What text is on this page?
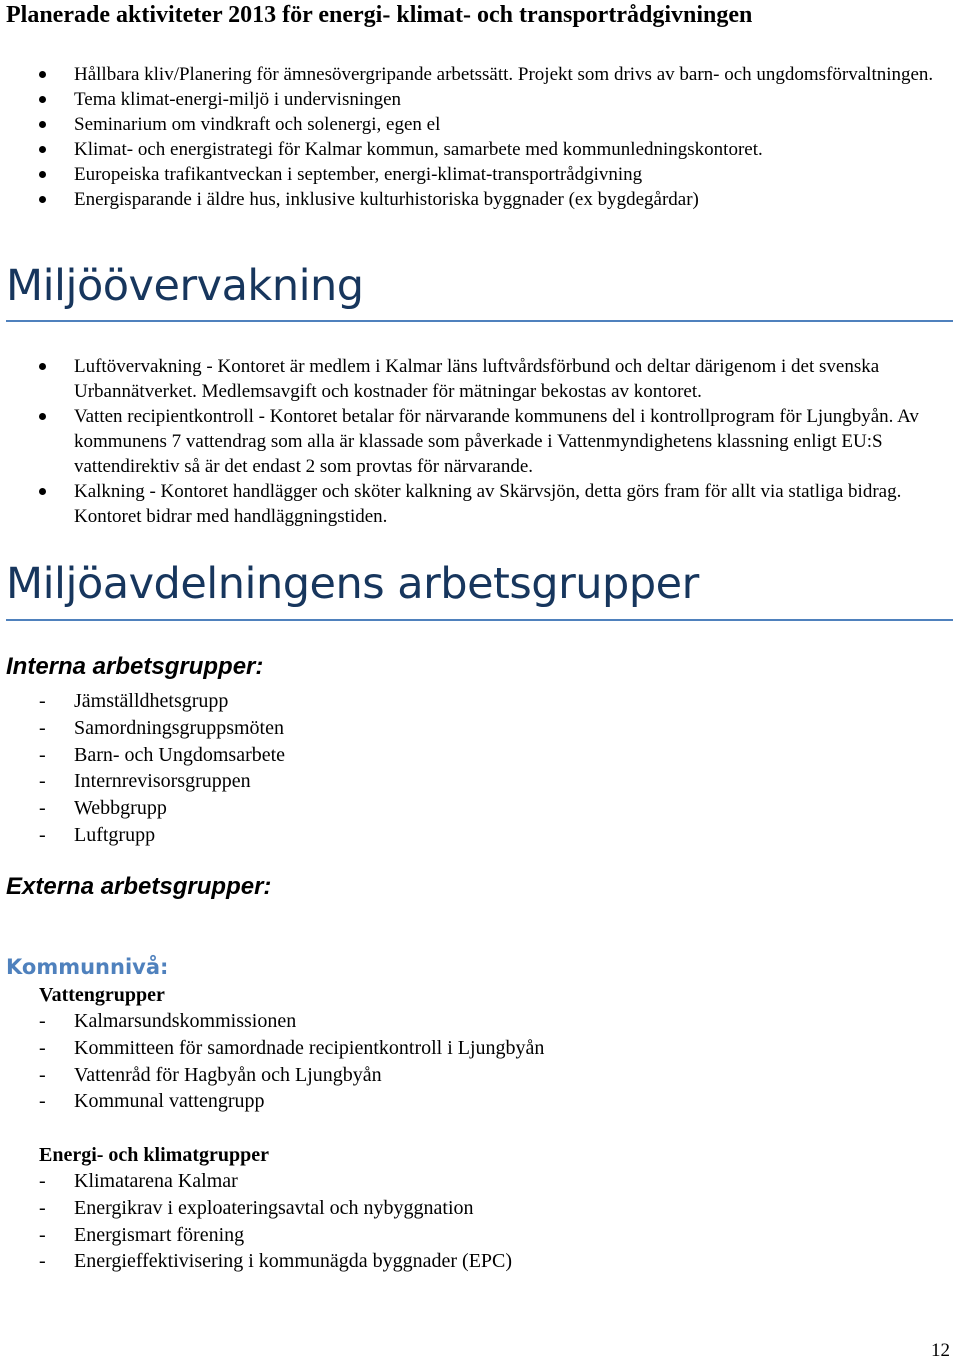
Planerade aktiviteter 2013 för energi- klimat- och transportrådgivningen
Hållbara kliv/Planering för ämnesövergripande arbetssätt. Projekt som drivs av barn- och ungdomsförvaltningen.
Tema klimat-energi-miljö i undervisningen
Seminarium om vindkraft och solenergi, egen el
Klimat- och energistrategi för Kalmar kommun, samarbete med kommunledningskontoret.
Europeiska trafikantveckan i september, energi-klimat-transportrådgivning
Energisparande i äldre hus, inklusive kulturhistoriska byggnader (ex bygdegårdar)
Miljöövervakning
Luftövervakning - Kontoret är medlem i Kalmar läns luftvårdsförbund och deltar därigenom i det svenska Urbannätverket. Medlemsavgift och kostnader för mätningar bekostas av kontoret.
Vatten recipientkontroll - Kontoret betalar för närvarande kommunens del i kontrollprogram för Ljungbyån. Av kommunens 7 vattendrag som alla är klassade som påverkade i Vattenmyndighetens klassning enligt EU:S vattendirektiv så är det endast 2 som provtas för närvarande.
Kalkning - Kontoret handlägger och sköter kalkning av Skärvsjön, detta görs fram för allt via statliga bidrag. Kontoret bidrar med handläggningstiden.
Miljöavdelningens arbetsgrupper
Interna arbetsgrupper:
- Jämställdhetsgrupp
- Samordningsgruppsmöten
- Barn- och Ungdomsarbete
- Internrevisorsgruppen
- Webbgrupp
- Luftgrupp
Externa arbetsgrupper:
Kommunnivå:

Vattengrupper

- Kalmarsundskommissionen
- Kommitteen för samordnade recipientkontroll i Ljungbyån
- Vattenråd för Hagbyån och Ljungbyån
- Kommunal vattengrupp

Energi- och klimatgrupper

- Klimatarena Kalmar
- Energikrav i exploateringsavtal och nybyggnation
- Energismart förening
- Energieffektivisering i kommunägda byggnader (EPC)
12
